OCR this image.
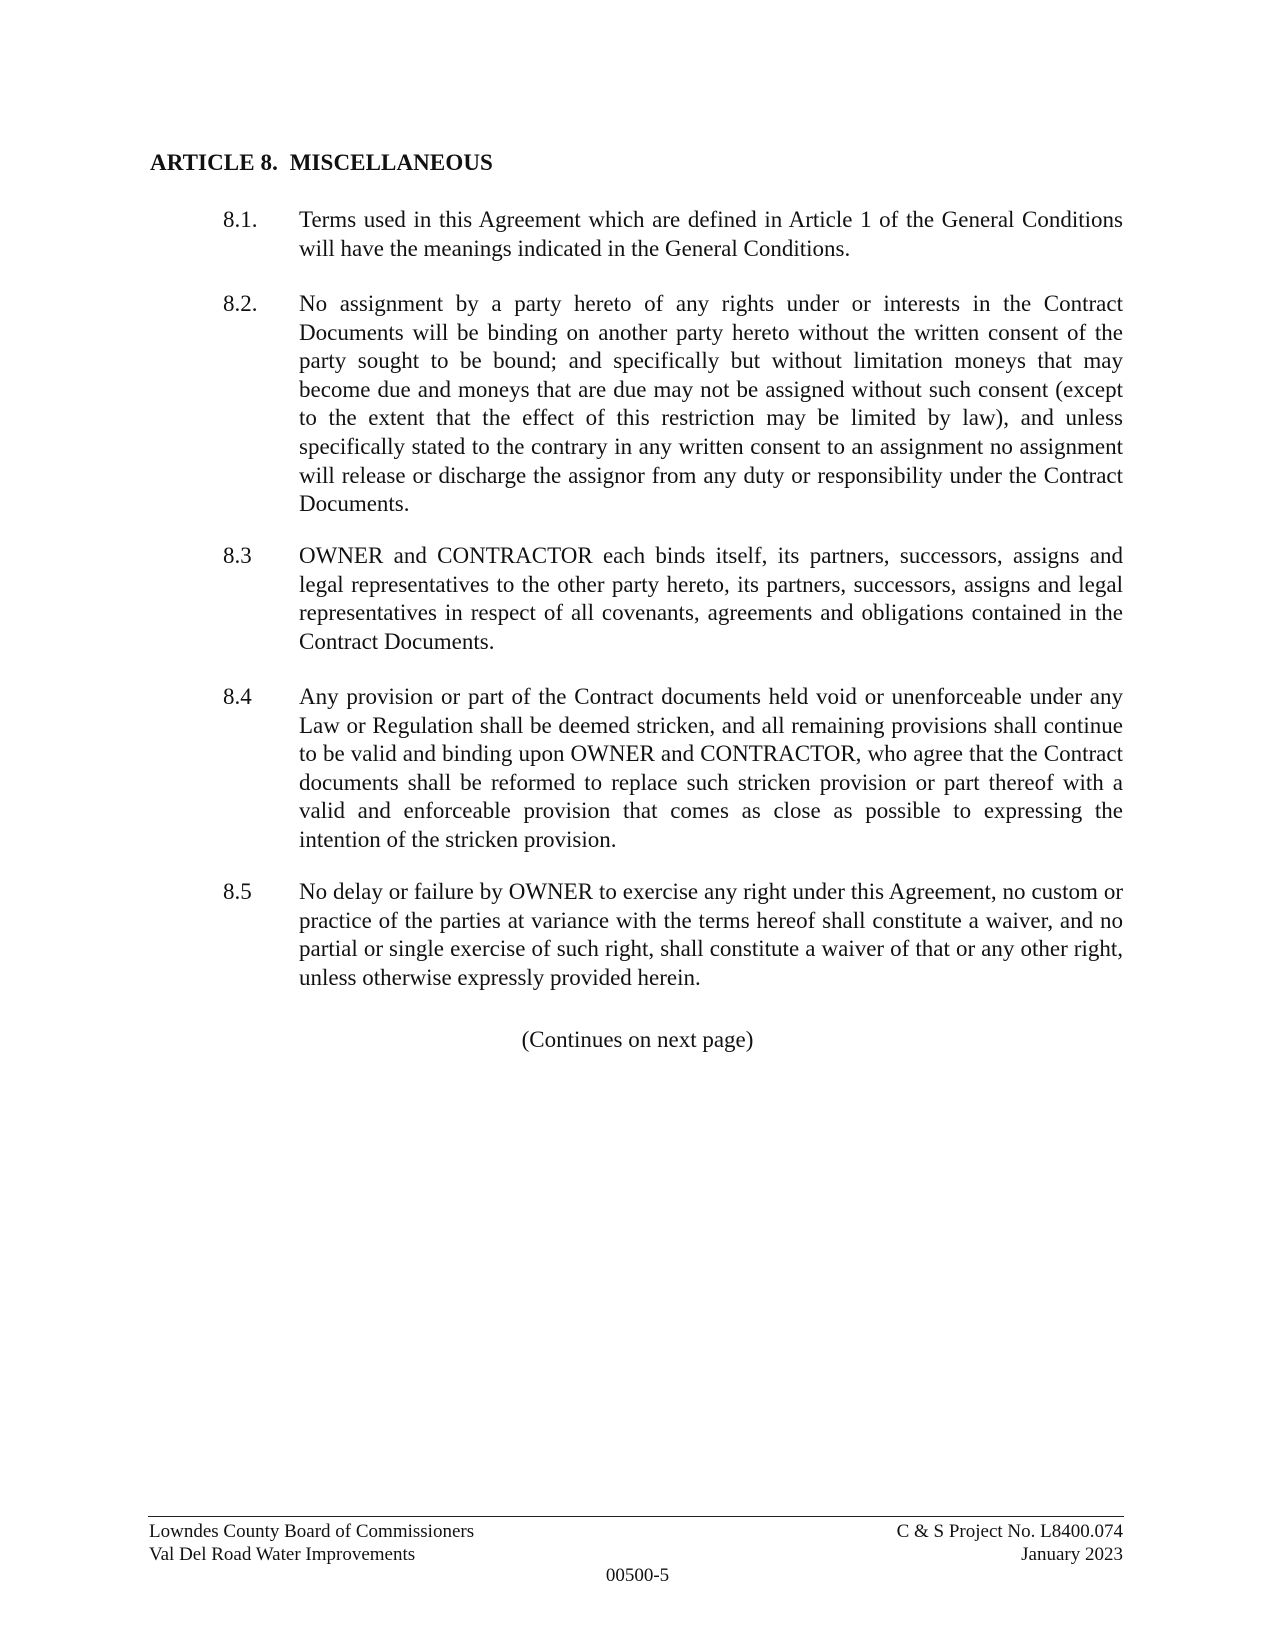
ARTICLE 8.  MISCELLANEOUS
8.1. Terms used in this Agreement which are defined in Article 1 of the General Conditions will have the meanings indicated in the General Conditions.
8.2. No assignment by a party hereto of any rights under or interests in the Contract Documents will be binding on another party hereto without the written consent of the party sought to be bound; and specifically but without limitation moneys that may become due and moneys that are due may not be assigned without such consent (except to the extent that the effect of this restriction may be limited by law), and unless specifically stated to the contrary in any written consent to an assignment no assignment will release or discharge the assignor from any duty or responsibility under the Contract Documents.
8.3 OWNER and CONTRACTOR each binds itself, its partners, successors, assigns and legal representatives to the other party hereto, its partners, successors, assigns and legal representatives in respect of all covenants, agreements and obligations contained in the Contract Documents.
8.4 Any provision or part of the Contract documents held void or unenforceable under any Law or Regulation shall be deemed stricken, and all remaining provisions shall continue to be valid and binding upon OWNER and CONTRACTOR, who agree that the Contract documents shall be reformed to replace such stricken provision or part thereof with a valid and enforceable provision that comes as close as possible to expressing the intention of the stricken provision.
8.5 No delay or failure by OWNER to exercise any right under this Agreement, no custom or practice of the parties at variance with the terms hereof shall constitute a waiver, and no partial or single exercise of such right, shall constitute a waiver of that or any other right, unless otherwise expressly provided herein.
(Continues on next page)
Lowndes County Board of Commissioners
Val Del Road Water Improvements
C & S Project No. L8400.074
January 2023
00500-5
